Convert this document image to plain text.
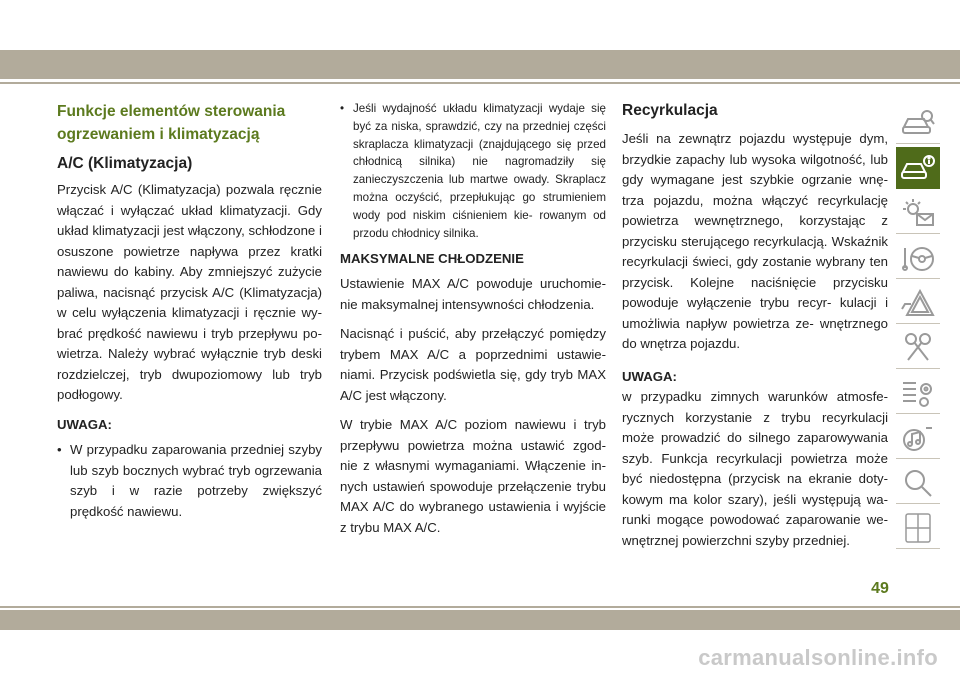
Funkcje elementów sterowania
ogrzewaniem i klimatyzacją
A/C (Klimatyzacja)

Przycisk A/C (Klimatyzacja) pozwala ręcznie włączać i wyłączać układ klimatyzacji. Gdy układ klimatyzacji jest włączony, schłodzone i osuszone powietrze napływa przez kratki nawiewu do kabiny. Aby zmniejszyć zużycie paliwa, nacisnąć przycisk A/C (Klimatyzacja) w celu wyłączenia klimatyzacji i ręcznie wy- brać prędkość nawiewu i tryb przepływu po- wietrza. Należy wybrać wyłącznie tryb deski rozdzielczej, tryb dwupoziomowy lub tryb podłogowy.

UWAGA:

• W przypadku zaparowania przedniej szyby lub szyb bocznych wybrać tryb ogrzewania szyb i w razie potrzeby zwiększyć prędkość nawiewu.
• Jeśli wydajność układu klimatyzacji wydaje się być za niska, sprawdzić, czy na przedniej części skraplacza klimatyzacji (znajdującego się przed chłodnicą silnika) nie nagromadziły się zanieczyszczenia lub martwe owady. Skraplacz można oczyścić, przepłukując go strumieniem wody pod niskim ciśnieniem kie- rowanym od przodu chłodnicy silnika.
MAKSYMALNE CHŁODZENIE

Ustawienie MAX A/C powoduje uruchomie- nie maksymalnej intensywności chłodzenia.

Nacisnąć i puścić, aby przełączyć pomiędzy trybem MAX A/C a poprzednimi ustawie- niami. Przycisk podświetla się, gdy tryb MAX A/C jest włączony.

W trybie MAX A/C poziom nawiewu i tryb przepływu powietrza można ustawić zgod- nie z własnymi wymaganiami. Włączenie in- nych ustawień spowoduje przełączenie trybu MAX A/C do wybranego ustawienia i wyjście z trybu MAX A/C.

Recyrkulacja

Jeśli na zewnątrz pojazdu występuje dym, brzydkie zapachy lub wysoka wilgotność, lub gdy wymagane jest szybkie ogrzanie wnę- trza pojazdu, można włączyć recyrkulację powietrza wewnętrznego, korzystając z przycisku sterującego recyrkulacją. Wskaźnik recyrkulacji świeci, gdy zostanie wybrany ten przycisk. Kolejne naciśnięcie przycisku powoduje wyłączenie trybu recyr- kulacji i umożliwia napływ powietrza ze- wnętrznego do wnętrza pojazdu.

UWAGA:

w przypadku zimnych warunków atmosfe- rycznych korzystanie z trybu recyrkulacji może prowadzić do silnego zaparowywania szyb. Funkcja recyrkulacji powietrza może być niedostępna (przycisk na ekranie doty- kowym ma kolor szary), jeśli występują wa- runki mogące powodować zaparowanie we- wnętrznej powierzchni szyby przedniej.

49
carmanualsonline.info
